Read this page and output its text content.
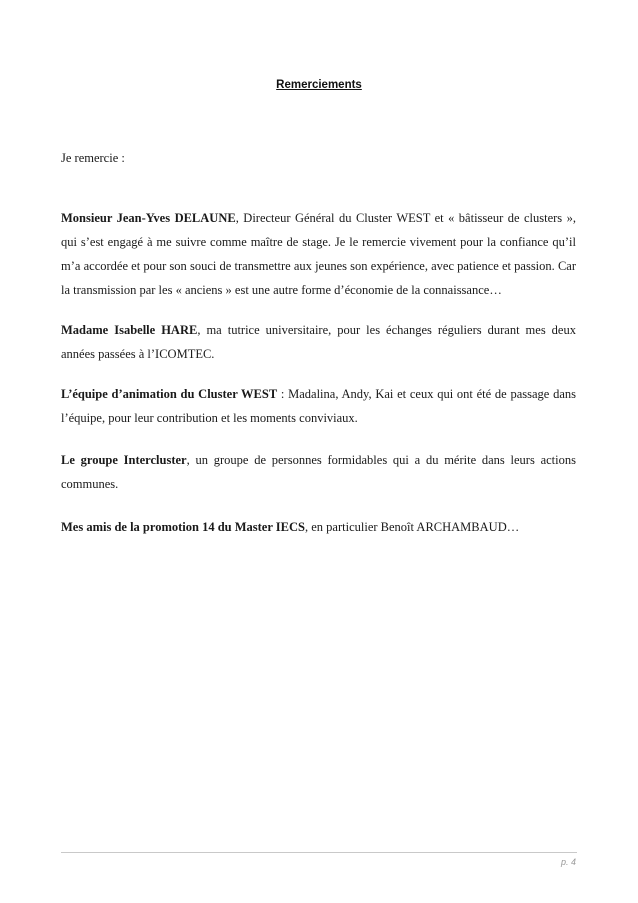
Remerciements
Je remercie :
Monsieur Jean-Yves DELAUNE, Directeur Général du Cluster WEST et « bâtisseur de clusters », qui s’est engagé à me suivre comme maître de stage. Je le remercie vivement pour la confiance qu’il m’a accordée et pour son souci de transmettre aux jeunes son expérience, avec patience et passion. Car la transmission par les « anciens » est une autre forme d’économie de la connaissance…
Madame Isabelle HARE, ma tutrice universitaire, pour les échanges réguliers durant mes deux années passées à l’ICOMTEC.
L’équipe d’animation du Cluster WEST : Madalina, Andy, Kai et ceux qui ont été de passage dans l’équipe, pour leur contribution et les moments conviviaux.
Le groupe Intercluster, un groupe de personnes formidables qui a du mérite dans leurs actions communes.
Mes amis de la promotion 14 du Master IECS, en particulier Benoît ARCHAMBAUD…
p. 4
